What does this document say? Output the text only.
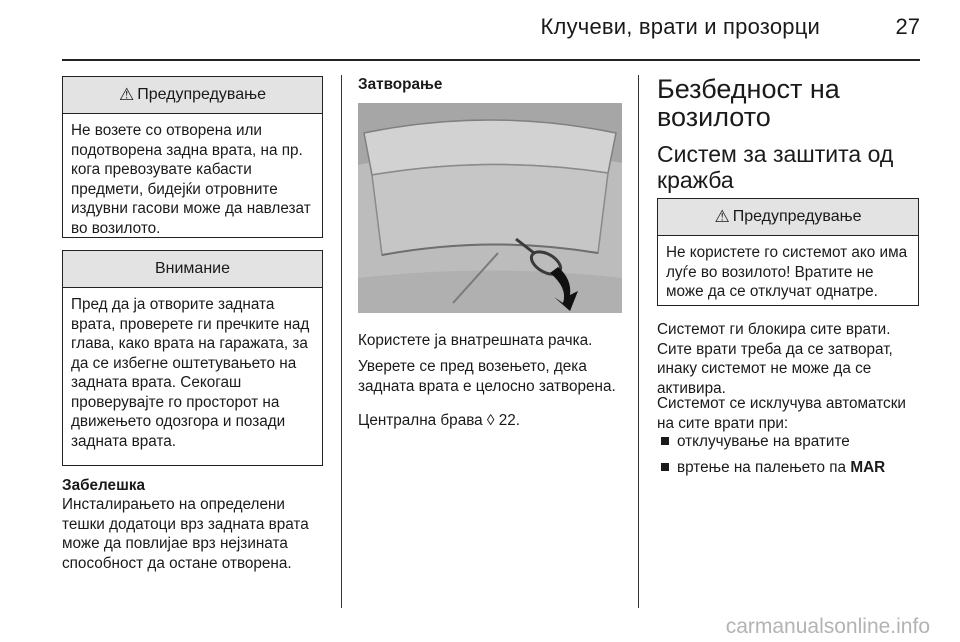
Клучеви, врати и прозорци	27
⚠ Предупредување

Не возете со отворена или подотворена задна врата, на пр. кога превозувате кабасти предмети, бидејќи отровните издувни гасови може да навлезат во возилото.

Внимание

Пред да ја отворите задната врата, проверете ги пречките над глава, како врата на гаражата, за да се избегне оштетувањето на задната врата. Секогаш проверувајте го просторот на движењето одозгора и позади задната врата.

Забелешка
Инсталирањето на определени тешки додатоци врз задната врата може да повлијае врз нејзината способност да остане отворена.
Затворање

Користете ја внатрешната рачка.

Уверете се пред возењето, дека задната врата е целосно затворена.

Централна брава ◊ 22.
Безбедност на возилото
Систем за заштита од кражба
⚠ Предупредување

Не користете го системот ако има луѓе во возилото! Вратите не може да се отклучат однатре.

Системот ги блокира сите врати. Сите врати треба да се затворат, инаку системот не може да се активира.

Системот се исклучува автоматски на сите врати при:

отклучување на вратите
вртење на палењето па MAR
carmanualsonline.info
